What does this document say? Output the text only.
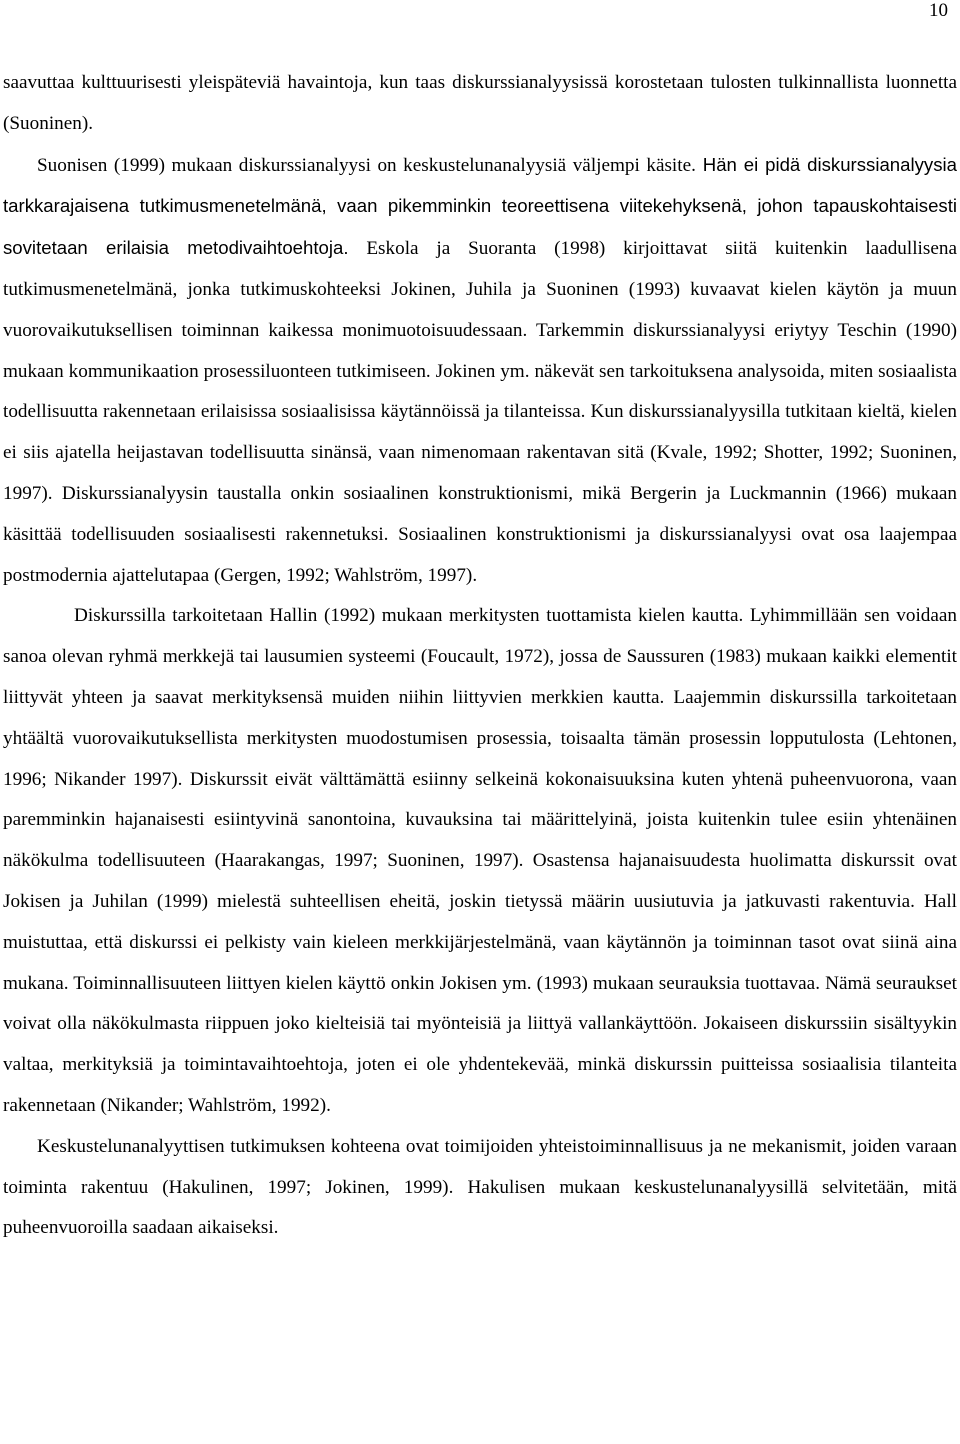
10

saavuttaa kulttuurisesti yleispäteviä havaintoja, kun taas diskurssianalyysissä korostetaan tulosten tulkinnallista luonnetta (Suoninen).

Suonisen (1999) mukaan diskurssianalyysi on keskustelunanalyysiä väljempi käsite. Hän ei pidä diskurssianalyysia tarkkarajaisena tutkimusmenetelmänä, vaan pikemminkin teoreettisena viitekehyksenä, johon tapauskohtaisesti sovitetaan erilaisia metodivaihtoehtoja. Eskola ja Suoranta (1998) kirjoittavat siitä kuitenkin laadullisena tutkimusmenetelmänä, jonka tutkimuskohteeksi Jokinen, Juhila ja Suoninen (1993) kuvaavat kielen käytön ja muun vuorovaikutuksellisen toiminnan kaikessa monimuotoisuudessaan. Tarkemmin diskurssianalyysi eriytyy Teschin (1990) mukaan kommunikaation prosessiluonteen tutkimiseen. Jokinen ym. näkevät sen tarkoituksena analysoida, miten sosiaalista todellisuutta rakennetaan erilaisissa sosiaalisissa käytännöissä ja tilanteissa. Kun diskurssianalyysilla tutkitaan kieltä, kielen ei siis ajatella heijastavan todellisuutta sinänsä, vaan nimenomaan rakentavan sitä (Kvale, 1992; Shotter, 1992; Suoninen, 1997). Diskurssianalyysin taustalla onkin sosiaalinen konstruktionismi, mikä Bergerin ja Luckmannin (1966) mukaan käsittää todellisuuden sosiaalisesti rakennetuksi. Sosiaalinen konstruktionismi ja diskurssianalyysi ovat osa laajempaa postmodernia ajattelutapaa (Gergen, 1992; Wahlström, 1997).

Diskurssilla tarkoitetaan Hallin (1992) mukaan merkitysten tuottamista kielen kautta. Lyhimmillään sen voidaan sanoa olevan ryhmä merkkejä tai lausumien systeemi (Foucault, 1972), jossa de Saussuren (1983) mukaan kaikki elementit liittyvät yhteen ja saavat merkityksensä muiden niihin liittyvien merkkien kautta. Laajemmin diskurssilla tarkoitetaan yhtäältä vuorovaikutuksellista merkitysten muodostumisen prosessia, toisaalta tämän prosessin lopputulosta (Lehtonen, 1996; Nikander 1997). Diskurssit eivät välttämättä esiinny selkeinä kokonaisuuksina kuten yhtenä puheenvuorona, vaan paremminkin hajanaisesti esiintyvinä sanontoina, kuvauksina tai määrittelyinä, joista kuitenkin tulee esiin yhtenäinen näkökulma todellisuuteen (Haarakangas, 1997; Suoninen, 1997). Osastensa hajanaisuudesta huolimatta diskurssit ovat Jokisen ja Juhilan (1999) mielestä suhteellisen eheitä, joskin tietyssä määrin uusiutuvia ja jatkuvasti rakentuvia. Hall muistuttaa, että diskurssi ei pelkisty vain kieleen merkkijärjestelmänä, vaan käytännön ja toiminnan tasot ovat siinä aina mukana. Toiminnallisuuteen liittyen kielen käyttö onkin Jokisen ym. (1993) mukaan seurauksia tuottavaa. Nämä seuraukset voivat olla näkökulmasta riippuen joko kielteisiä tai myönteisiä ja liittyä vallankäyttöön. Jokaiseen diskurssiin sisältyykin valtaa, merkityksiä ja toimintavaihtoehtoja, joten ei ole yhdentekevää, minkä diskurssin puitteissa sosiaalisia tilanteita rakennetaan (Nikander; Wahlström, 1992).

Keskustelunanalyyttisen tutkimuksen kohteena ovat toimijoiden yhteistoiminnallisuus ja ne mekanismit, joiden varaan toiminta rakentuu (Hakulinen, 1997; Jokinen, 1999). Hakulisen mukaan keskustelunanalyysillä selvitetään, mitä puheenvuoroilla saadaan aikaiseksi.
